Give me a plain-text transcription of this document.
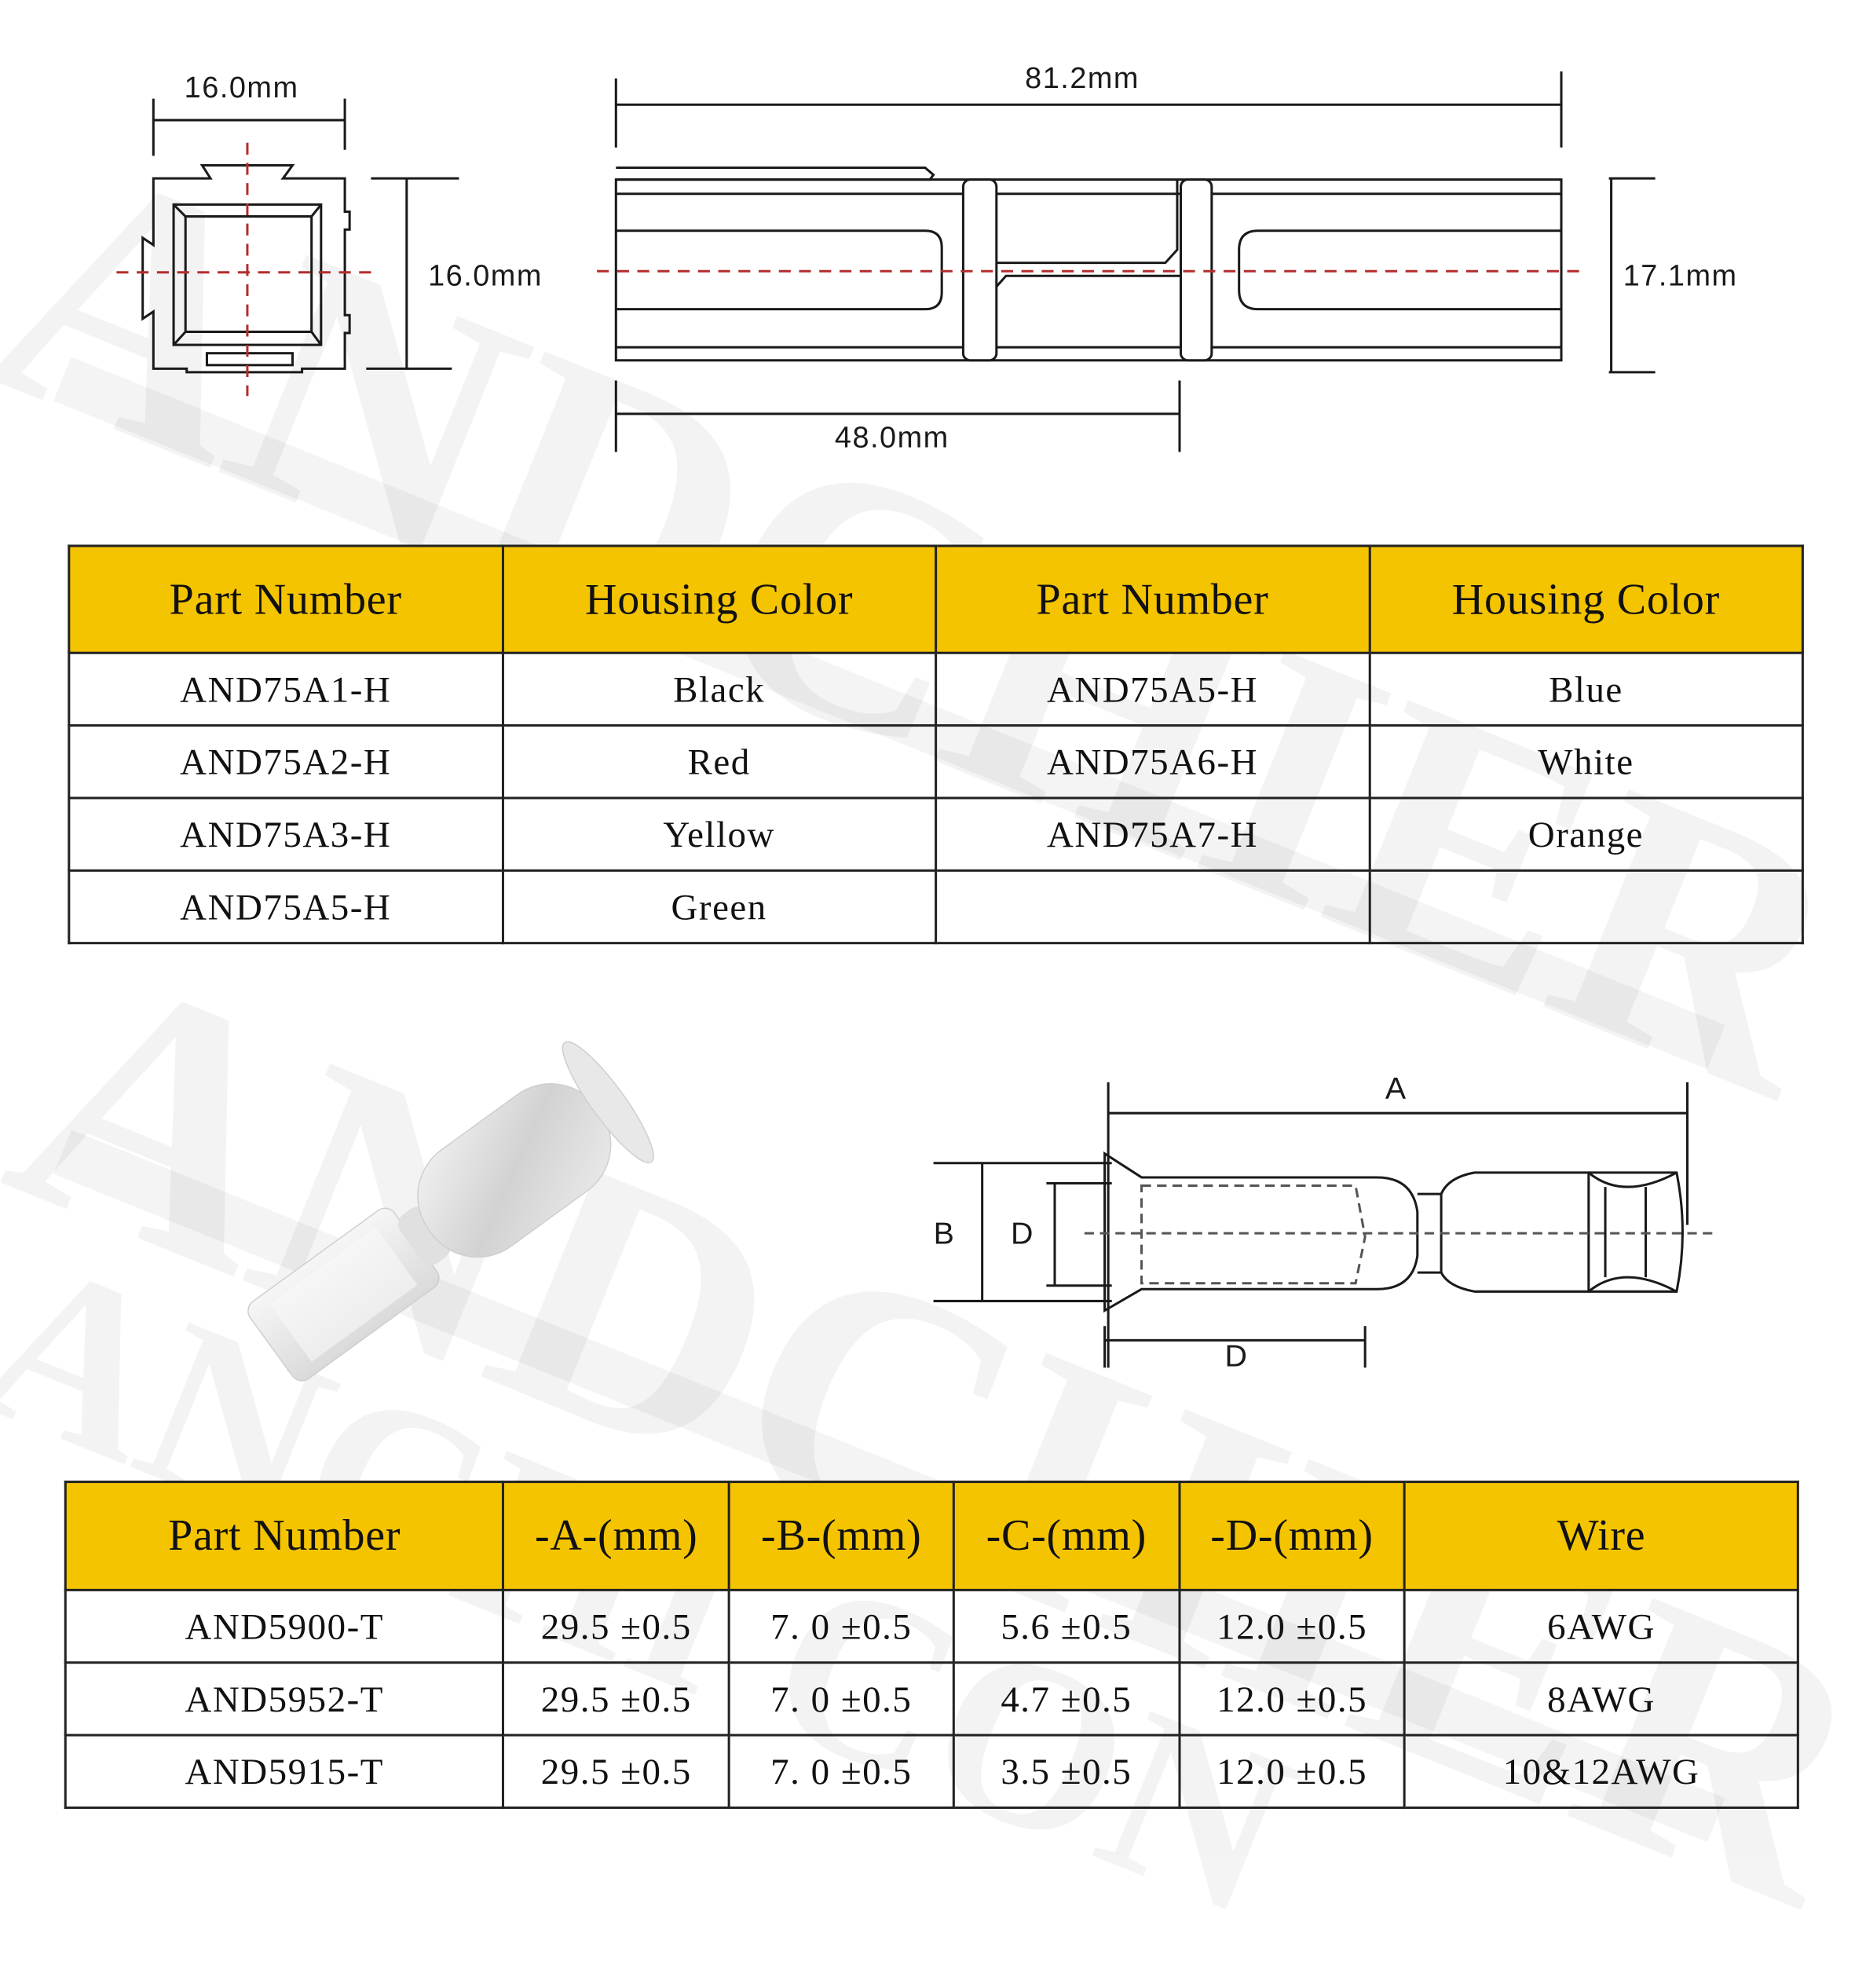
16.0mm
16.0mm
81.2mm
17.1mm
48.0mm
Part Number	Housing Color	Part Number	Housing Color
AND75A1-H	Black	AND75A5-H	Blue
AND75A2-H	Red	AND75A6-H	White
AND75A3-H	Yellow	AND75A7-H	Orange
AND75A5-H	Green		
A
B	D
D
Part Number	-A-(mm)	-B-(mm)	-C-(mm)	-D-(mm)	Wire
AND5900-T	29.5 ±0.5	7. 0 ±0.5	5.6 ±0.5	12.0 ±0.5	6AWG
AND5952-T	29.5 ±0.5	7. 0 ±0.5	4.7 ±0.5	12.0 ±0.5	8AWG
AND5915-T	29.5 ±0.5	7. 0 ±0.5	3.5 ±0.5	12.0 ±0.5	10&12AWG
